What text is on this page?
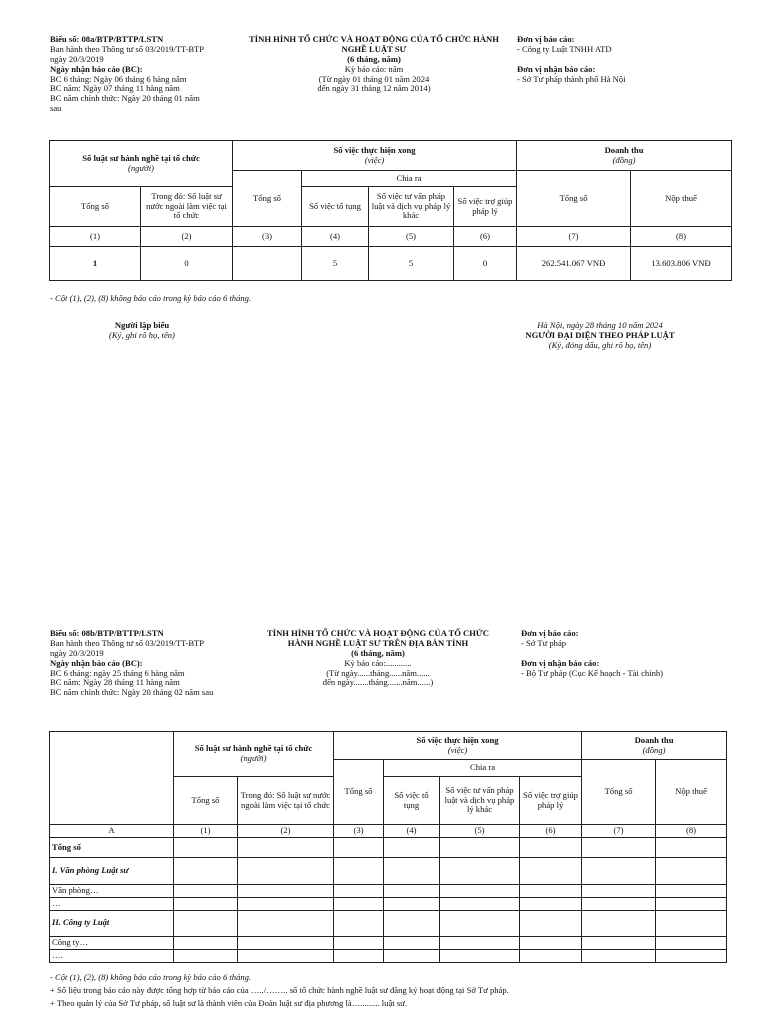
Biểu số: 08a/BTP/BTTP/LSTN
Ban hành theo Thông tư số 03/2019/TT-BTP
ngày 20/3/2019
Ngày nhận báo cáo (BC):
BC 6 tháng: Ngày 06 tháng 6 hàng năm
BC năm: Ngày 07 tháng 11 hàng năm
BC năm chính thức: Ngày 20 tháng 01 năm
sau
TÌNH HÌNH TỔ CHỨC VÀ HOẠT ĐỘNG CỦA TỔ CHỨC HÀNH
NGHỀ LUẬT SƯ
(6 tháng, năm)
Kỳ báo cáo: năm
(Từ ngày 01 tháng 01 năm 2024
đến ngày 31 tháng 12 năm 2014)
Đơn vị báo cáo:
- Công ty Luật TNHH ATD
Đơn vị nhận báo cáo:
- Sở Tư pháp thành phố Hà Nội
Số luật sư hành nghề tại tổ chức
(người)		Số việc thực hiện xong
(việc)				Doanh thu
(đồng)	

		Tổng số	Chia ra			Tổng số	Nộp thuế
Tổng số	Trong đó: Số luật sư nước ngoài làm việc tại tổ chức		Số việc tố tụng	Số việc tư vấn pháp luật và dịch vụ pháp lý khác	Số việc trợ giúp pháp lý		
(1)	(2)	(3)	(4)	(5)	(6)	(7)	(8)
1	0		5	5	0	262.541.067 VNĐ	13.603.806 VNĐ
- Cột (1), (2), (8) không báo cáo trong kỳ báo cáo 6 tháng.
Người lập biểu
(Ký, ghi rõ họ, tên)
Hà Nội, ngày 28 tháng 10 năm 2024
NGƯỜI ĐẠI DIỆN THEO PHÁP LUẬT
(Ký, đóng dấu, ghi rõ họ, tên)
Biểu số: 08b/BTP/BTTP/LSTN
Ban hành theo Thông tư số 03/2019/TT-BTP
ngày 20/3/2019
Ngày nhận báo cáo (BC):
BC 6 tháng: ngày 25 tháng 6 hàng năm
BC năm: Ngày 28 tháng 11 hàng năm
BC năm chính thức: Ngày 20 tháng 02 năm sau
TÌNH HÌNH TỔ CHỨC VÀ HOẠT ĐỘNG CỦA TỔ CHỨC
HÀNH NGHỀ LUẬT SƯ TRÊN ĐỊA BÀN TỈNH
(6 tháng, năm)
Kỳ báo cáo:............
(Từ ngày......tháng......năm......
đến ngày.......tháng.......năm......)
Đơn vị báo cáo:
- Sở Tư pháp
Đơn vị nhận báo cáo:
- Bộ Tư pháp (Cục Kế hoạch - Tài chính)

	Số luật sư hành nghề tại tổ chức
(người)		Số việc thực hiện xong
(việc)				Doanh thu
(đồng)	

			Tổng số	Chia ra			Tổng số	Nộp thuế
	Tổng số	Trong đó: Số luật sư nước ngoài làm việc tại tổ chức		Số việc tố tụng	Số việc tư vấn pháp luật và dịch vụ pháp lý khác	Số việc trợ giúp pháp lý		
A	(1)	(2)	(3)	(4)	(5)	(6)	(7)	(8)
Tổng số								
I. Văn phòng Luật sư								
Văn phòng…								
…								
II. Công ty Luật								
Công ty…								
….								
- Cột (1), (2), (8) không báo cáo trong kỳ báo cáo 6 tháng.
+ Số liệu trong báo cáo này được tổng hợp từ báo cáo của …../…….. số tổ chức hành nghề luật sư đăng ký hoạt động tại Sở Tư pháp.
+ Theo quản lý của Sở Tư pháp, số luật sư là thành viên của Đoàn luật sư địa phương là…......... luật sư.
